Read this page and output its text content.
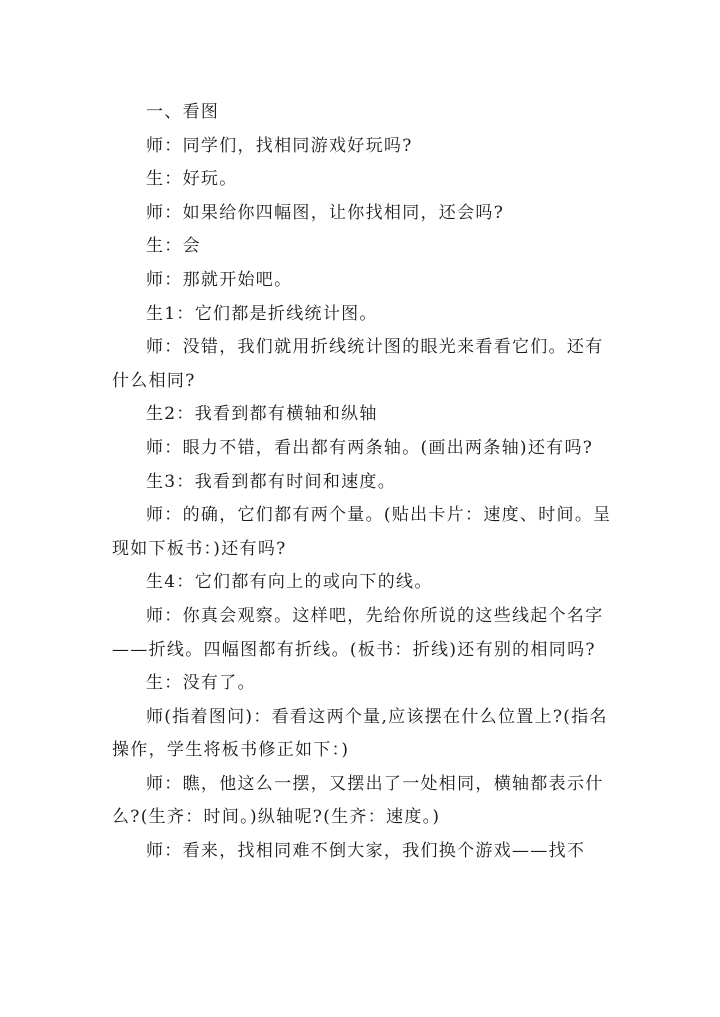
一、看图

师：同学们，找相同游戏好玩吗?

生：好玩。

师：如果给你四幅图，让你找相同，还会吗?

生：会

师：那就开始吧。

生1：它们都是折线统计图。

师：没错，我们就用折线统计图的眼光来看看它们。还有什么相同?

生2：我看到都有横轴和纵轴

师：眼力不错，看出都有两条轴。(画出两条轴)还有吗?

生3：我看到都有时间和速度。

师：的确，它们都有两个量。(贴出卡片：速度、时间。呈现如下板书：)还有吗?

生4：它们都有向上的或向下的线。

师：你真会观察。这样吧，先给你所说的这些线起个名字——折线。四幅图都有折线。(板书：折线)还有别的相同吗?

生：没有了。

师(指着图问)：看看这两个量,应该摆在什么位置上?(指名操作，学生将板书修正如下：)

师：瞧，他这么一摆，又摆出了一处相同，横轴都表示什么?(生齐：时间。)纵轴呢?(生齐：速度。)

师：看来，找相同难不倒大家，我们换个游戏——找不
